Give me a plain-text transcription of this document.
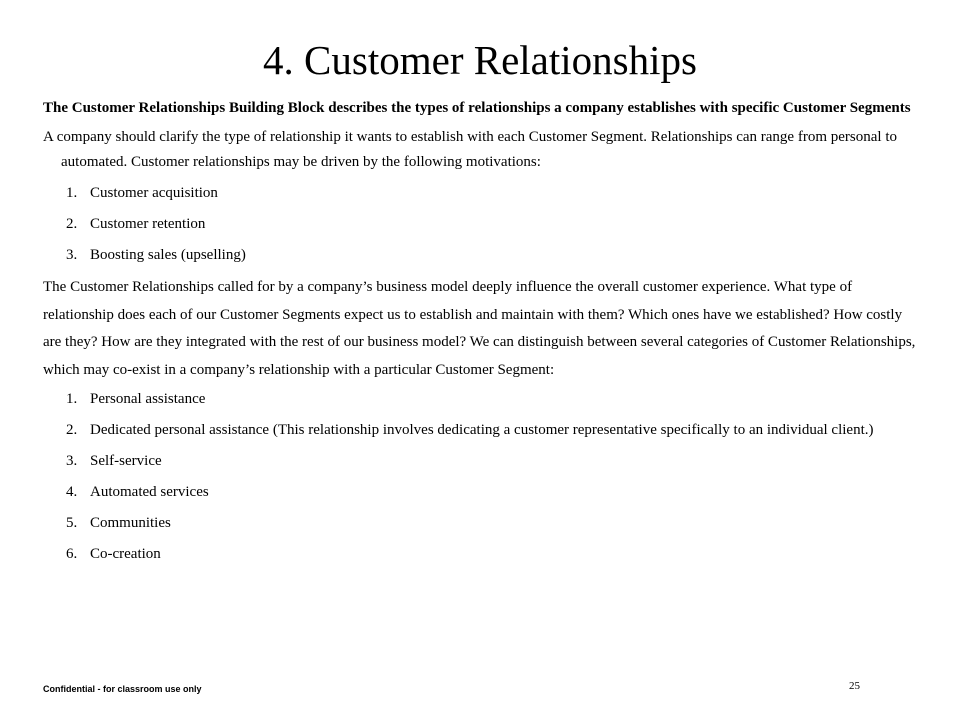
4. Customer Relationships

The Customer Relationships Building Block describes the types of relationships a company establishes with specific Customer Segments

A company should clarify the type of relationship it wants to establish with each Customer Segment. Relationships can range from personal to automated. Customer relationships may be driven by the following motivations:

1. Customer acquisition
2. Customer retention
3. Boosting sales (upselling)

The Customer Relationships called for by a company’s business model deeply influence the overall customer experience. What type of relationship does each of our Customer Segments expect us to establish and maintain with them? Which ones have we established? How costly are they? How are they integrated with the rest of our business model? We can distinguish between several categories of Customer Relationships, which may co-exist in a company’s relationship with a particular Customer Segment:

1. Personal assistance
2. Dedicated personal assistance (This relationship involves dedicating a customer representative specifically to an individual client.)
3. Self-service
4. Automated services
5. Communities
6. Co-creation
Confidential - for classroom use only	25
